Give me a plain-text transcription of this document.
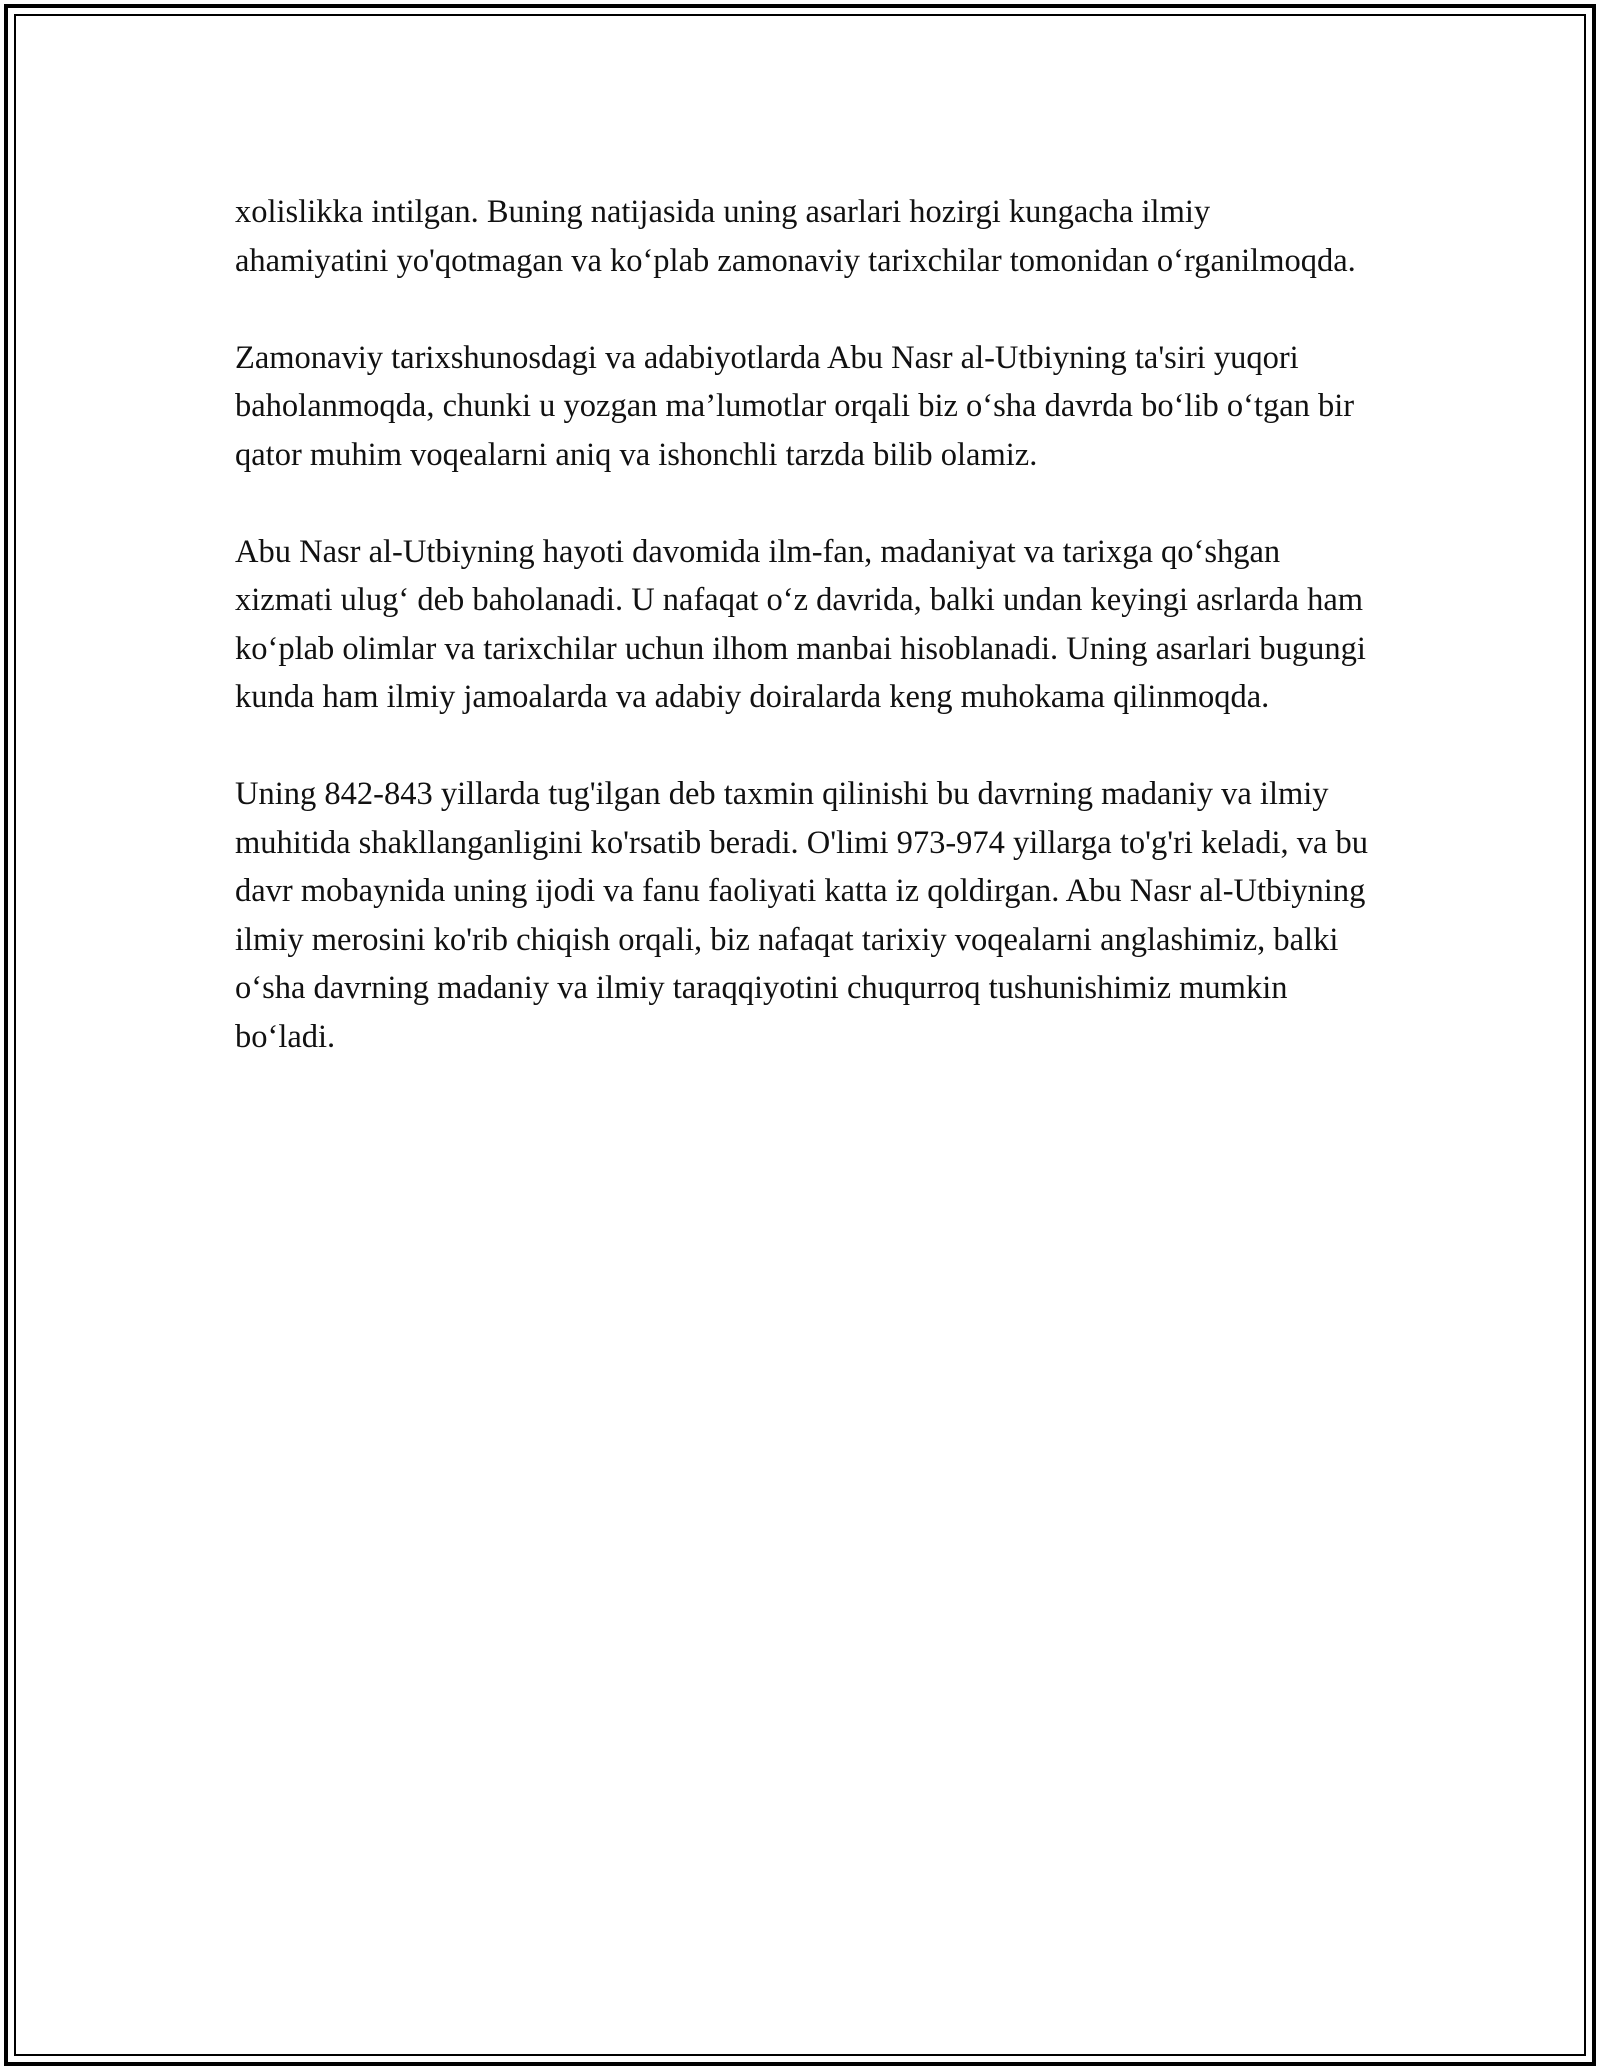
xolislikka intilgan. Buning natijasida uning asarlari hozirgi kungacha ilmiy ahamiyatini yo'qotmagan va ko‘plab zamonaviy tarixchilar tomonidan o‘rganilmoqda.

Zamonaviy tarixshunosdagi va adabiyotlarda Abu Nasr al-Utbiyning ta'siri yuqori baholanmoqda, chunki u yozgan ma’lumotlar orqali biz o‘sha davrda bo‘lib o‘tgan bir qator muhim voqealarni aniq va ishonchli tarzda bilib olamiz.

Abu Nasr al-Utbiyning hayoti davomida ilm-fan, madaniyat va tarixga qo‘shgan xizmati ulug‘ deb baholanadi. U nafaqat o‘z davrida, balki undan keyingi asrlarda ham ko‘plab olimlar va tarixchilar uchun ilhom manbai hisoblanadi. Uning asarlari bugungi kunda ham ilmiy jamoalarda va adabiy doiralarda keng muhokama qilinmoqda.

Uning 842-843 yillarda tug'ilgan deb taxmin qilinishi bu davrning madaniy va ilmiy muhitida shakllanganligini ko'rsatib beradi. O'limi 973-974 yillarga to'g'ri keladi, va bu davr mobaynida uning ijodi va fanu faoliyati katta iz qoldirgan. Abu Nasr al-Utbiyning ilmiy merosini ko'rib chiqish orqali, biz nafaqat tarixiy voqealarni anglashimiz, balki o‘sha davrning madaniy va ilmiy taraqqiyotini chuqurroq tushunishimiz mumkin bo‘ladi.
